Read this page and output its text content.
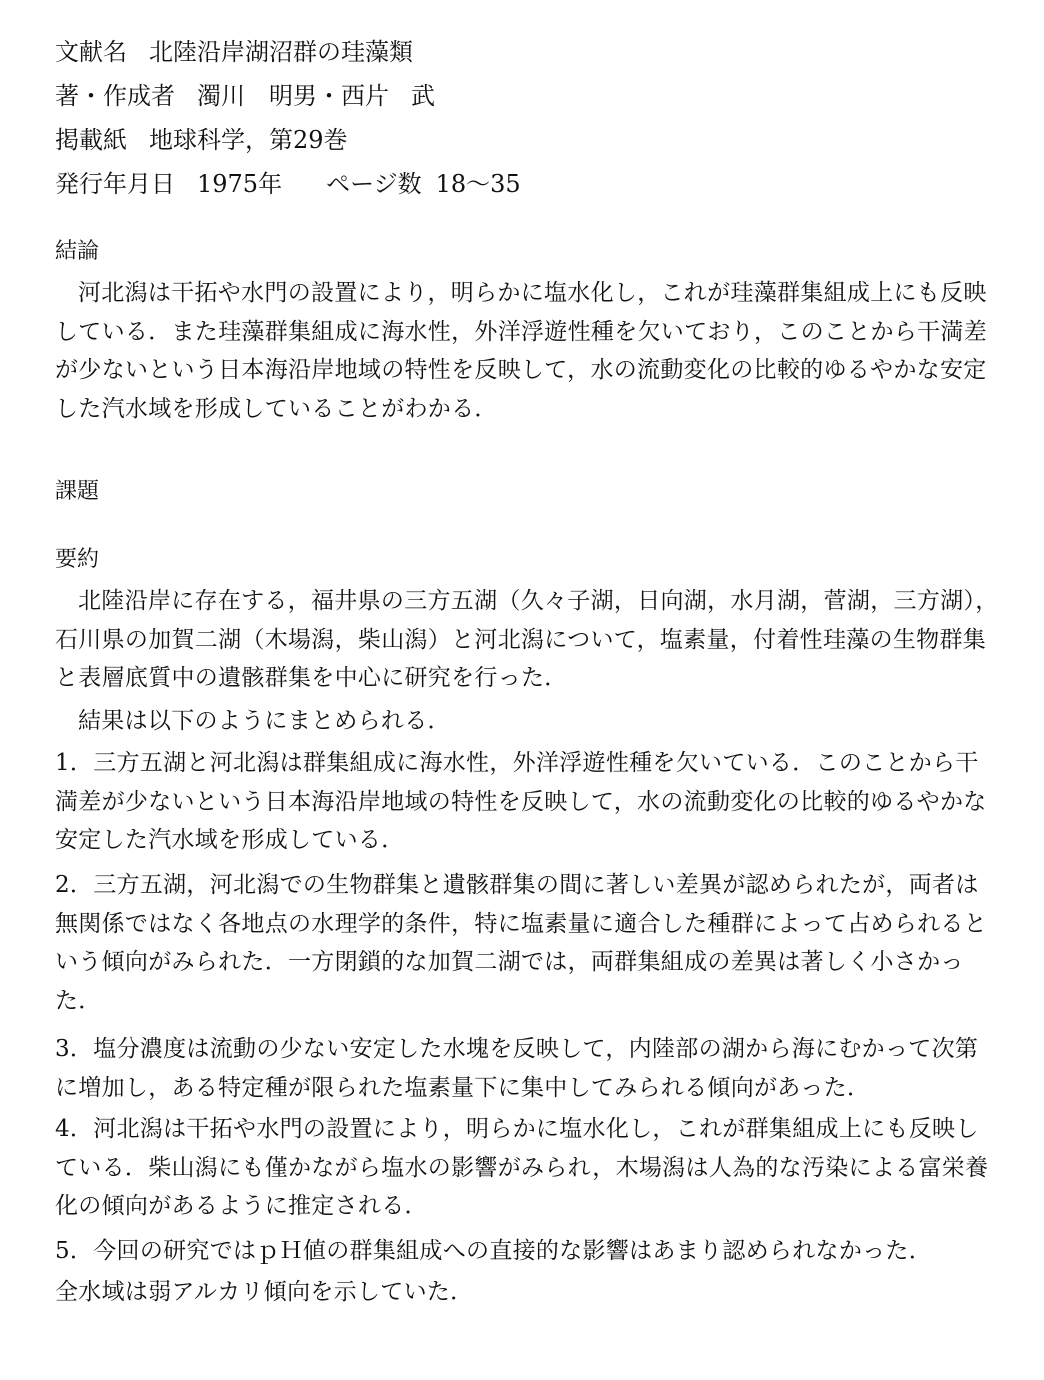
文献名 北陸沿岸湖沼群の珪藻類
著・作成者 濁川　明男・西片 武
掲載紙 地球科学，第29巻
発行年月日 1975年 ページ数 18〜35
結論

河北潟は干拓や水門の設置により，明らかに塩水化し，これが珪藻群集組成上にも反映している．また珪藻群集組成に海水性，外洋浮遊性種を欠いており，このことから干満差が少ないという日本海沿岸地域の特性を反映して，水の流動変化の比較的ゆるやかな安定した汽水域を形成していることがわかる．

課題
要約

北陸沿岸に存在する，福井県の三方五湖（久々子湖，日向湖，水月湖，菅湖，三方湖），石川県の加賀二湖（木場潟，柴山潟）と河北潟について，塩素量，付着性珪藻の生物群集と表層底質中の遺骸群集を中心に研究を行った．

結果は以下のようにまとめられる．

1．三方五湖と河北潟は群集組成に海水性，外洋浮遊性種を欠いている．このことから干満差が少ないという日本海沿岸地域の特性を反映して，水の流動変化の比較的ゆるやかな安定した汽水域を形成している．

2．三方五湖，河北潟での生物群集と遺骸群集の間に著しい差異が認められたが，両者は無関係ではなく各地点の水理学的条件，特に塩素量に適合した種群によって占められるという傾向がみられた．一方閉鎖的な加賀二湖では，両群集組成の差異は著しく小さかった．

3．塩分濃度は流動の少ない安定した水塊を反映して，内陸部の湖から海にむかって次第に増加し，ある特定種が限られた塩素量下に集中してみられる傾向があった．

4．河北潟は干拓や水門の設置により，明らかに塩水化し，これが群集組成上にも反映している．柴山潟にも僅かながら塩水の影響がみられ，木場潟は人為的な汚染による富栄養化の傾向があるように推定される．

5．今回の研究ではｐＨ値の群集組成への直接的な影響はあまり認められなかった．

全水域は弱アルカリ傾向を示していた．
